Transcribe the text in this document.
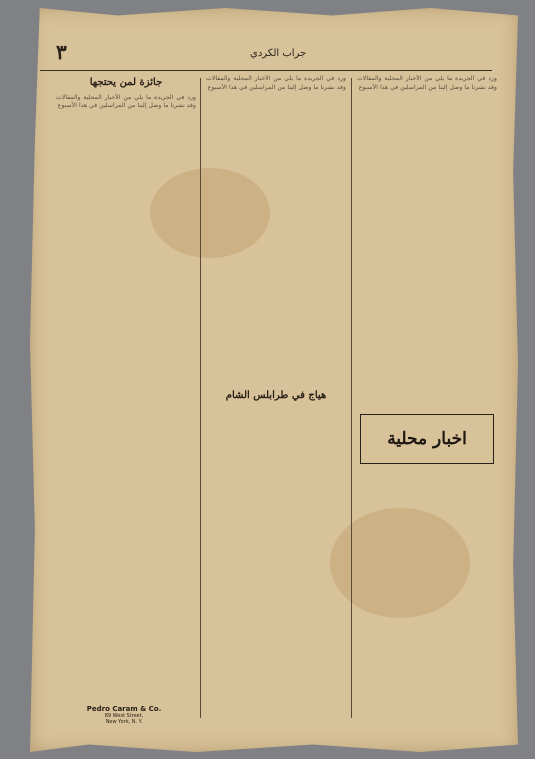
٣	جراب الكردي
جائزة لمن يحتجها
ورد في الجريدة ما يلي من الأخبار المحلية والمقالات وقد نشرنا ما وصل إلينا من المراسلين في هذا الأسبوع
ورد في الجريدة ما يلي من الأخبار المحلية والمقالات وقد نشرنا ما وصل إلينا من المراسلين في هذا الأسبوع
هياج في طرابلس الشام
ورد في الجريدة ما يلي من الأخبار المحلية والمقالات وقد نشرنا ما وصل إلينا من المراسلين في هذا الأسبوع
اخبار محلية
Pedro Caram & Co.
89 West Street,
New York, N. Y.
